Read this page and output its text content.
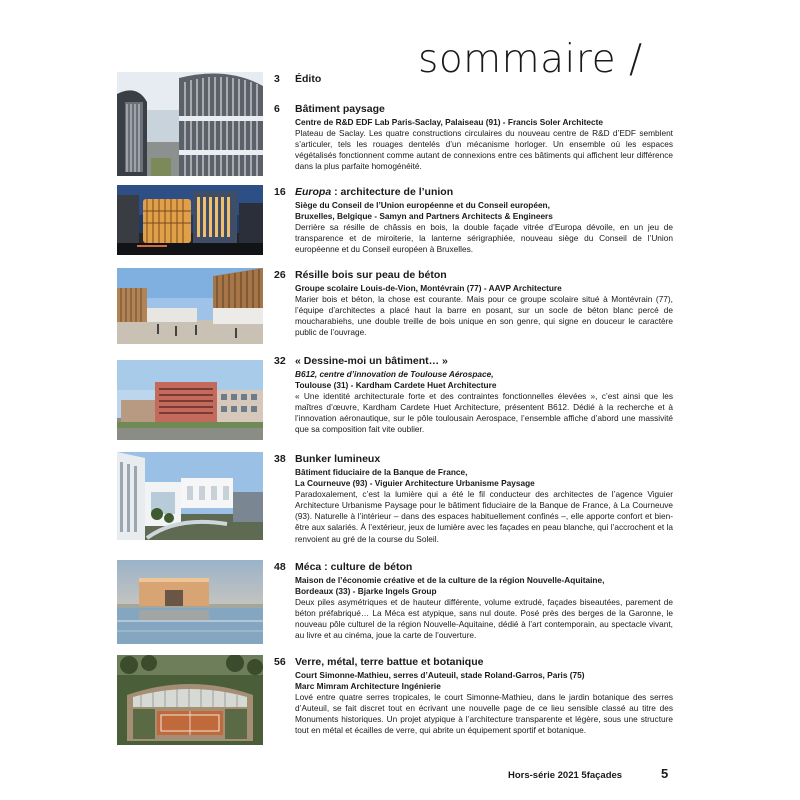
sommaire /
3 Édito
6 Bâtiment paysage
Centre de R&D EDF Lab Paris-Saclay, Palaiseau (91) - Francis Soler Architecte
Plateau de Saclay. Les quatre constructions circulaires du nouveau centre de R&D d’EDF semblent s’articuler, tels les rouages dentelés d’un mécanisme horloger. Un ensemble où les espaces végétalisés fonctionnent comme autant de connexions entre ces bâtiments qui affichent leur différence dans la plus parfaite homogénéité.
16 Europa : architecture de l’union
Siège du Conseil de l’Union européenne et du Conseil européen,
Bruxelles, Belgique - Samyn and Partners Architects & Engineers
Derrière sa résille de châssis en bois, la double façade vitrée d’Europa dévoile, en un jeu de transparence et de miroiterie, la lanterne sérigraphiée, nouveau siège du Conseil de l’Union européenne et du Conseil européen à Bruxelles.
26 Résille bois sur peau de béton
Groupe scolaire Louis-de-Vion, Montévrain (77) - AAVP Architecture
Marier bois et béton, la chose est courante. Mais pour ce groupe scolaire situé à Montévrain (77), l’équipe d’architectes a placé haut la barre en posant, sur un socle de béton blanc percé de moucharabiehs, une double treille de bois unique en son genre, qui signe en douceur le caractère public de l’ouvrage.
32 « Dessine-moi un bâtiment… »
B612, centre d’innovation de Toulouse Aérospace,
Toulouse (31) - Kardham Cardete Huet Architecture
« Une identité architecturale forte et des contraintes fonctionnelles élevées », c’est ainsi que les maîtres d’œuvre, Kardham Cardete Huet Architecture, présentent B612. Dédié à la recherche et à l’innovation aéronautique, sur le pôle toulousain Aerospace, l’ensemble affiche d’abord une massivité que sa composition fait vite oublier.
38 Bunker lumineux
Bâtiment fiduciaire de la Banque de France,
La Courneuve (93) - Viguier Architecture Urbanisme Paysage
Paradoxalement, c’est la lumière qui a été le fil conducteur des architectes de l’agence Viguier Architecture Urbanisme Paysage pour le bâtiment fiduciaire de la Banque de France, à La Courneuve (93). Naturelle à l’intérieur – dans des espaces habituellement confinés –, elle apporte confort et bien-être aux salariés. À l’extérieur, jeux de lumière avec les façades en peau blanche, qui l’accrochent et la renvoient au gré de la course du Soleil.
48 Méca : culture de béton
Maison de l’économie créative et de la culture de la région Nouvelle-Aquitaine,
Bordeaux (33) - Bjarke Ingels Group
Deux piles asymétriques et de hauteur différente, volume extrudé, façades biseautées, parement de béton préfabriqué… La Méca est atypique, sans nul doute. Posé près des berges de la Garonne, le nouveau pôle culturel de la région Nouvelle-Aquitaine, dédié à l’art contemporain, au spectacle vivant, au livre et au cinéma, joue la carte de l’ouverture.
56 Verre, métal, terre battue et botanique
Court Simonne-Mathieu, serres d’Auteuil, stade Roland-Garros, Paris (75)
Marc Mimram Architecture Ingénierie
Lové entre quatre serres tropicales, le court Simonne-Mathieu, dans le jardin botanique des serres d’Auteuil, se fait discret tout en écrivant une nouvelle page de ce lieu sensible classé au titre des Monuments historiques. Un projet atypique à l’architecture transparente et légère, sous une structure tout en métal et écailles de verre, qui abrite un équipement sportif et botanique.
Hors-série 2021 5façades	5
